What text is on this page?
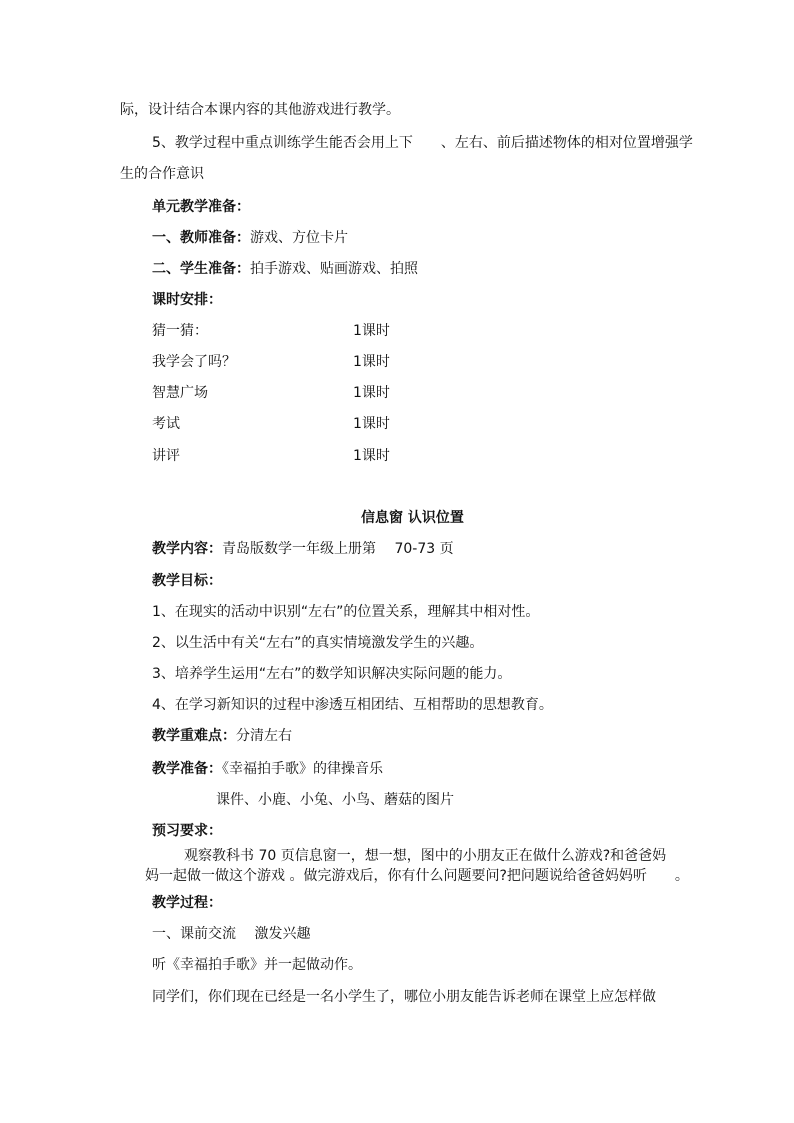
际，设计结合本课内容的其他游戏进行教学。
5、教学过程中重点训练学生能否会用上下　　、左右、前后描述物体的相对位置增强学
生的合作意识
单元教学准备：
一、教师准备：游戏、方位卡片
二、学生准备：拍手游戏、贴画游戏、拍照
课时安排：
猜一猜：	1课时
我学会了吗？	1课时
智慧广场	1课时
考试	1课时
讲评	1课时
信息窗 认识位置
教学内容：青岛版数学一年级上册第　 70-73 页
教学目标：
1、在现实的活动中识别“左右”的位置关系，理解其中相对性。
2、以生活中有关“左右”的真实情境激发学生的兴趣。
3、培养学生运用“左右”的数学知识解决实际问题的能力。
4、在学习新知识的过程中渗透互相团结、互相帮助的思想教育。
教学重难点：分清左右
教学准备：《幸福拍手歌》的律操音乐
课件、小鹿、小兔、小鸟、蘑菇的图片
预习要求：
观察教科书 70 页信息窗一，想一想，图中的小朋友正在做什么游戏?和爸爸妈
妈一起做一做这个游戏 。做完游戏后，你有什么问题要问?把问题说给爸爸妈妈听　　。
教学过程：
一、课前交流　 激发兴趣
听《幸福拍手歌》并一起做动作。
同学们，你们现在已经是一名小学生了，哪位小朋友能告诉老师在课堂上应怎样做
